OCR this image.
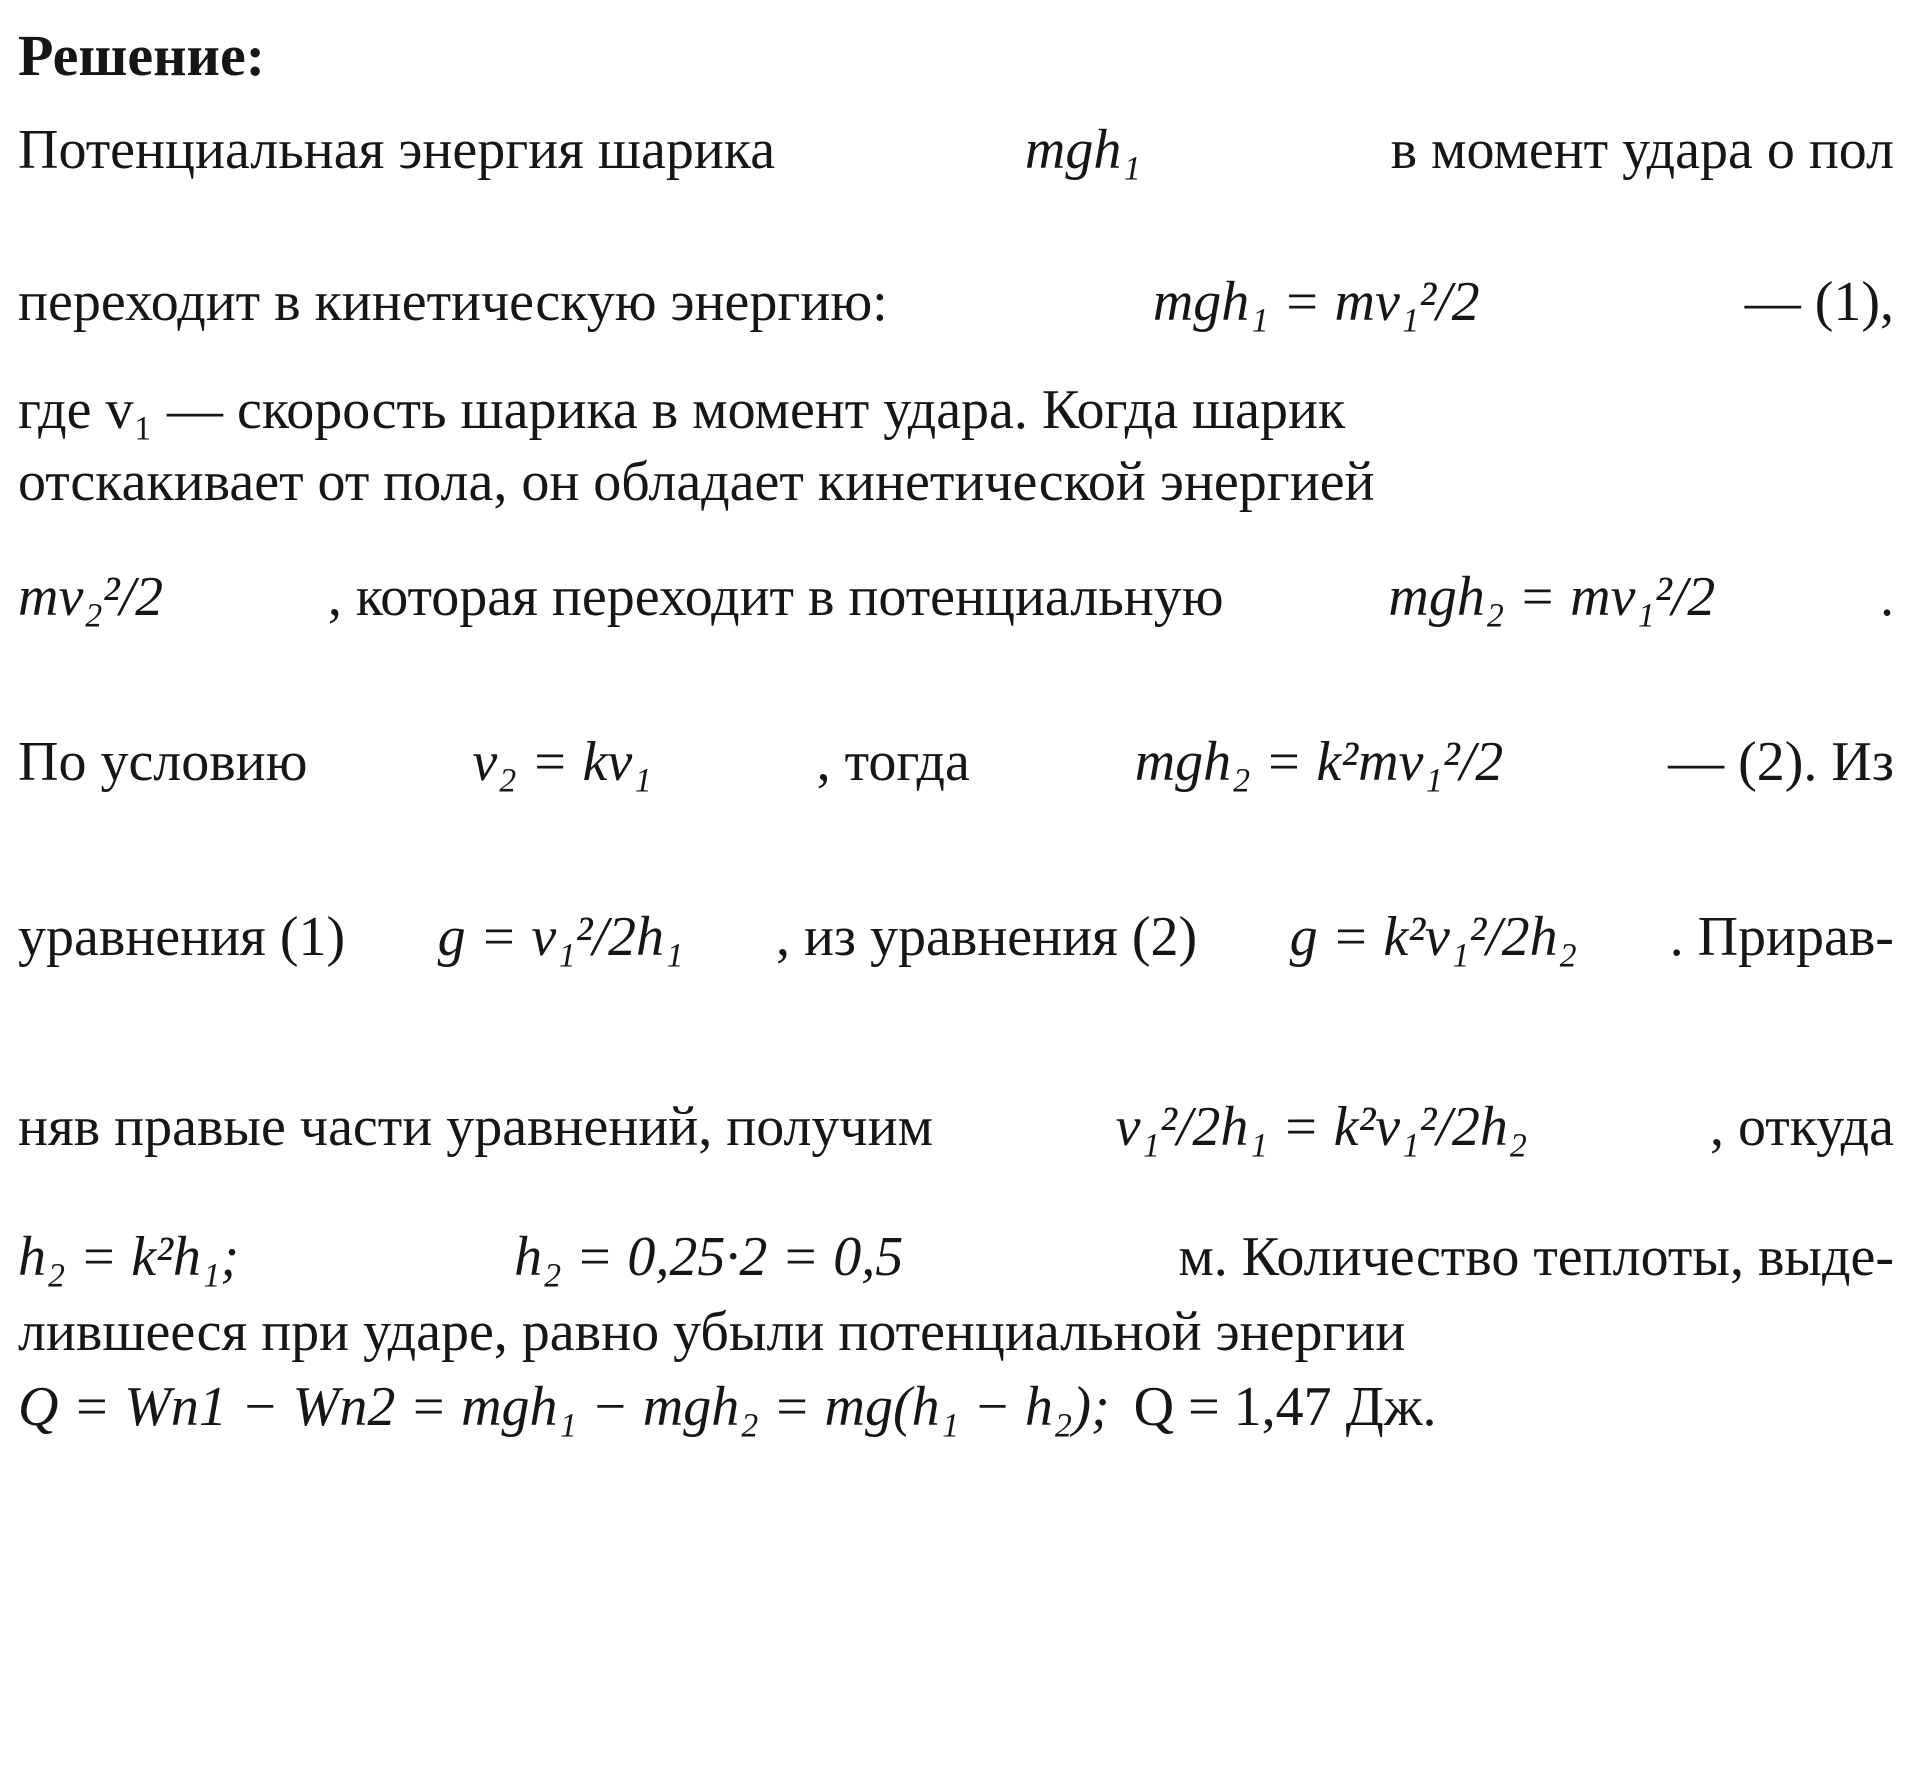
Решение:
Потенциальная энергия шарика	mgh₁	в момент удара о пол
переходит в кинетическую энергию:	mgh₁ = mv₁²/2	— (1),
где v₁ — скорость шарика в момент удара. Когда шарик
отскакивает от пола, он обладает кинетической энергией
mv₂²/2	, которая переходит в потенциальную	mgh₂ = mv₁²/2	.
По условию	v₂ = kv₁	, тогда	mgh₂ = k²mv₁²/2	— (2). Из
уравнения (1) g = v₁²/2h₁ , из уравнения (2) g = k²v₁²/2h₂ . Прирав-
няв правые части уравнений, получим	v₁²/2h₁ = k²v₁²/2h₂	, откуда
h₂ = k²h₁;	h₂ = 0,25·2 = 0,5	м. Количество теплоты, выде-
лившееся при ударе, равно убыли потенциальной энергии
Q = Wп1 − Wп2 = mgh₁ − mgh₂ = mg(h₁ − h₂); Q = 1,47 Дж.
